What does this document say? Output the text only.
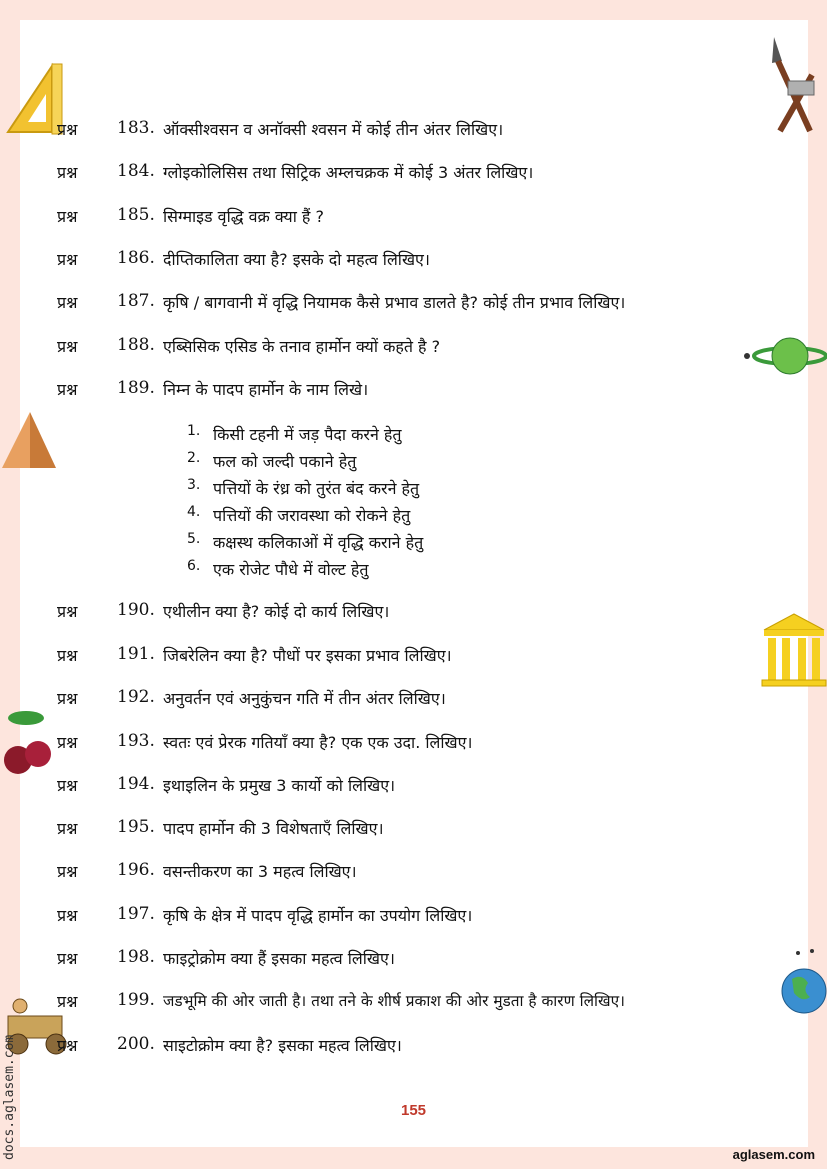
docs.aglasem.com
प्रश्न 183. ऑक्सीश्वसन व अनॉक्सी श्वसन में कोई तीन अंतर लिखिए।
प्रश्न 184. ग्लोइकोलिसिस तथा सिट्रिक अम्लचक्रक में कोई 3 अंतर लिखिए।
प्रश्न 185. सिग्माइड वृद्धि वक्र क्या हैं ?
प्रश्न 186. दीप्तिकालिता क्या है? इसके दो महत्व लिखिए।
प्रश्न 187. कृषि / बागवानी में वृद्धि नियामक कैसे प्रभाव डालते है? कोई तीन प्रभाव लिखिए।
प्रश्न 188. एब्सिसिक एसिड के तनाव हार्मोन क्यों कहते है ?
प्रश्न 189. निम्न के पादप हार्मोन के नाम लिखे।
1. किसी टहनी में जड़ पैदा करने हेतु
2. फल को जल्दी पकाने हेतु
3. पत्तियों के रंध्र को तुरंत बंद करने हेतु
4. पत्तियों की जरावस्था को रोकने हेतु
5. कक्षस्थ कलिकाओं में वृद्धि कराने हेतु
6. एक रोजेट पौधे में वोल्ट हेतु
प्रश्न 190. एथीलीन क्या है? कोई दो कार्य लिखिए।
प्रश्न 191. जिबरेलिन क्या है? पौधों पर इसका प्रभाव लिखिए।
प्रश्न 192. अनुवर्तन एवं अनुकुंचन गति में तीन अंतर लिखिए।
प्रश्न 193. स्वतः एवं प्रेरक गतियाँ क्या है? एक एक उदा. लिखिए।
प्रश्न 194. इथाइलिन के प्रमुख 3 कार्यो को लिखिए।
प्रश्न 195. पादप हार्मोन की 3 विशेषताएँ लिखिए।
प्रश्न 196. वसन्तीकरण का 3 महत्व लिखिए।
प्रश्न 197. कृषि के क्षेत्र में पादप वृद्धि हार्मोन का उपयोग लिखिए।
प्रश्न 198. फाइट्रोक्रोम क्या हैं इसका महत्व लिखिए।
प्रश्न 199. जडभूमि की ओर जाती है। तथा तने के शीर्ष प्रकाश की ओर मुडता है कारण लिखिए।
प्रश्न 200. साइटोक्रोम क्या है? इसका महत्व लिखिए।
155
aglasem.com
